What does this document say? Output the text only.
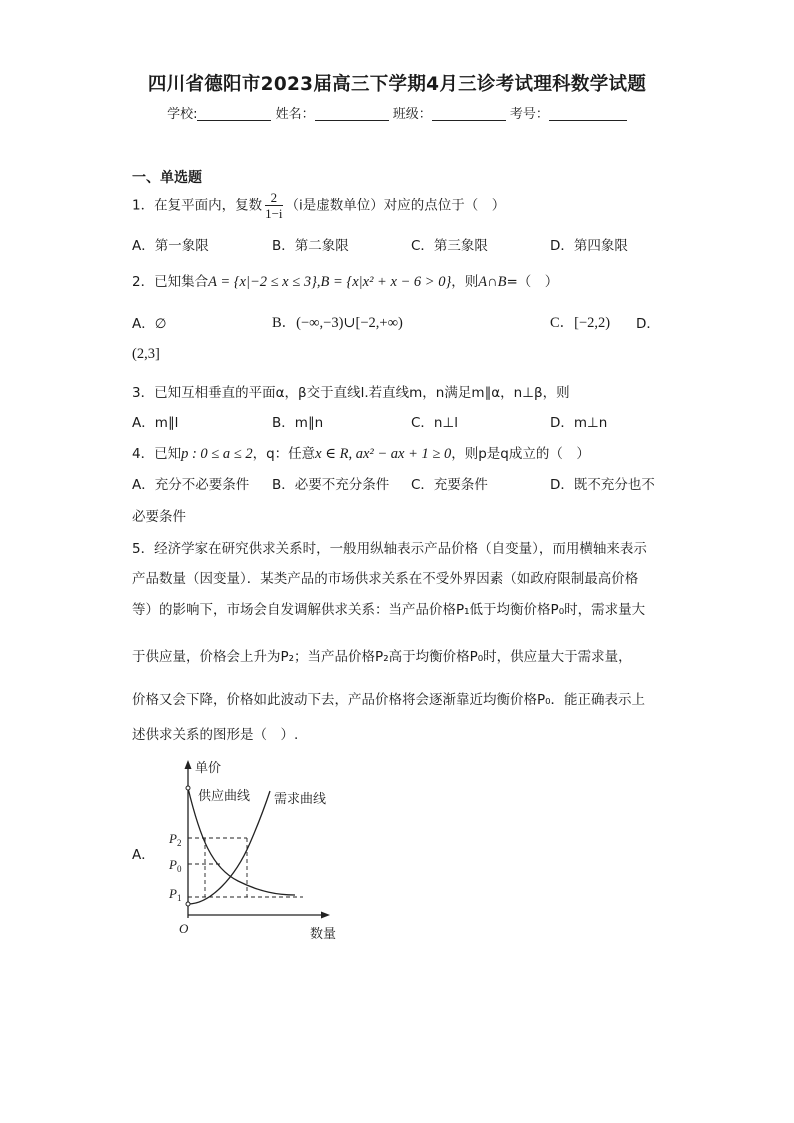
四川省德阳市2023届高三下学期4月三诊考试理科数学试题
学校:	姓名：	班级：	考号：
一、单选题
1．在复平面内，复数 $\frac{2}{1-i} (i$是虚数单位）对应的点位于（　）
A．第一象限	B．第二象限	C．第三象限	D．第四象限
2．已知集合A = {x|−2 ≤ x ≤ 3},B = {x|x² + x − 6 > 0}，则A∩B=（　）
A．∅	B．(−∞,−3)∪[−2,+∞)	C．[−2,2) D．
(2,3]
3．已知互相垂直的平面α，β交于直线l.若直线m，n满足m∥α，n⊥β，则
A．m∥l	B．m∥n	C．n⊥l	D．m⊥n
4．已知p : 0 ≤ a ≤ 2，q：任意x ∈ R, ax² − ax + 1 ≥ 0，则p是q成立的（　）
A．充分不必要条件 B．必要不充分条件 C．充要条件	D．既不充分也不
必要条件
5．经济学家在研究供求关系时，一般用纵轴表示产品价格（自变量），而用横轴来表示
产品数量（因变量）．某类产品的市场供求关系在不受外界因素（如政府限制最高价格
等）的影响下，市场会自发调解供求关系：当产品价格P₁低于均衡价格P₀时，需求量大
于供应量，价格会上升为P₂；当产品价格P₂高于均衡价格P₀时，供应量大于需求量，
价格又会下降，价格如此波动下去，产品价格将会逐渐靠近均衡价格P₀．能正确表示上
述供求关系的图形是（　）.
A．
单价
供应曲线 需求曲线
数量
O
$P_2$
$P_0$
$P_1$
